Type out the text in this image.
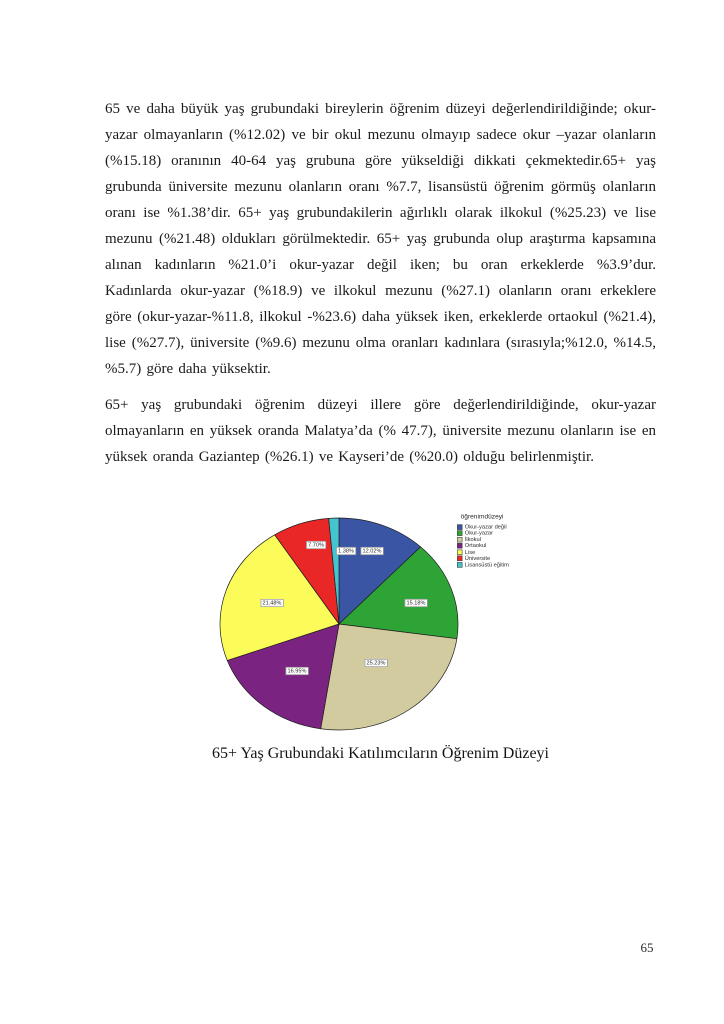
65 ve daha büyük yaş grubundaki bireylerin öğrenim düzeyi değerlendirildiğinde; okur-yazar olmayanların (%12.02) ve bir okul mezunu olmayıp sadece okur –yazar olanların (%15.18) oranının 40-64 yaş grubuna göre yükseldiği dikkati çekmektedir.65+ yaş grubunda üniversite mezunu olanların oranı %7.7, lisansüstü öğrenim görmüş olanların oranı ise %1.38’dir. 65+ yaş grubundakilerin ağırlıklı olarak ilkokul (%25.23) ve lise mezunu (%21.48) oldukları görülmektedir. 65+ yaş grubunda olup araştırma kapsamına alınan kadınların %21.0’i okur-yazar değil iken; bu oran erkeklerde %3.9’dur. Kadınlarda okur-yazar (%18.9) ve ilkokul mezunu (%27.1) olanların oranı erkeklere göre (okur-yazar-%11.8, ilkokul -%23.6) daha yüksek iken, erkeklerde ortaokul (%21.4), lise (%27.7), üniversite (%9.6) mezunu olma oranları kadınlara (sırasıyla;%12.0, %14.5, %5.7) göre daha yüksektir.

65+ yaş grubundaki öğrenim düzeyi illere göre değerlendirildiğinde, okur-yazar olmayanların en yüksek oranda Malatya’da (% 47.7), üniversite mezunu olanların ise en yüksek oranda Gaziantep (%26.1) ve Kayseri’de (%20.0) olduğu belirlenmiştir.

12.02%
15.18%
25.23%
16.95%
21.48%
7.70%
1.38%
öğrenimdüzeyi
Okur-yazar değil
Okur-yazar
İlkokul
Ortaokul
Lise
Üniversite
Lisansüstü eğitim
65+ Yaş Grubundaki Katılımcıların Öğrenim Düzeyi
65
